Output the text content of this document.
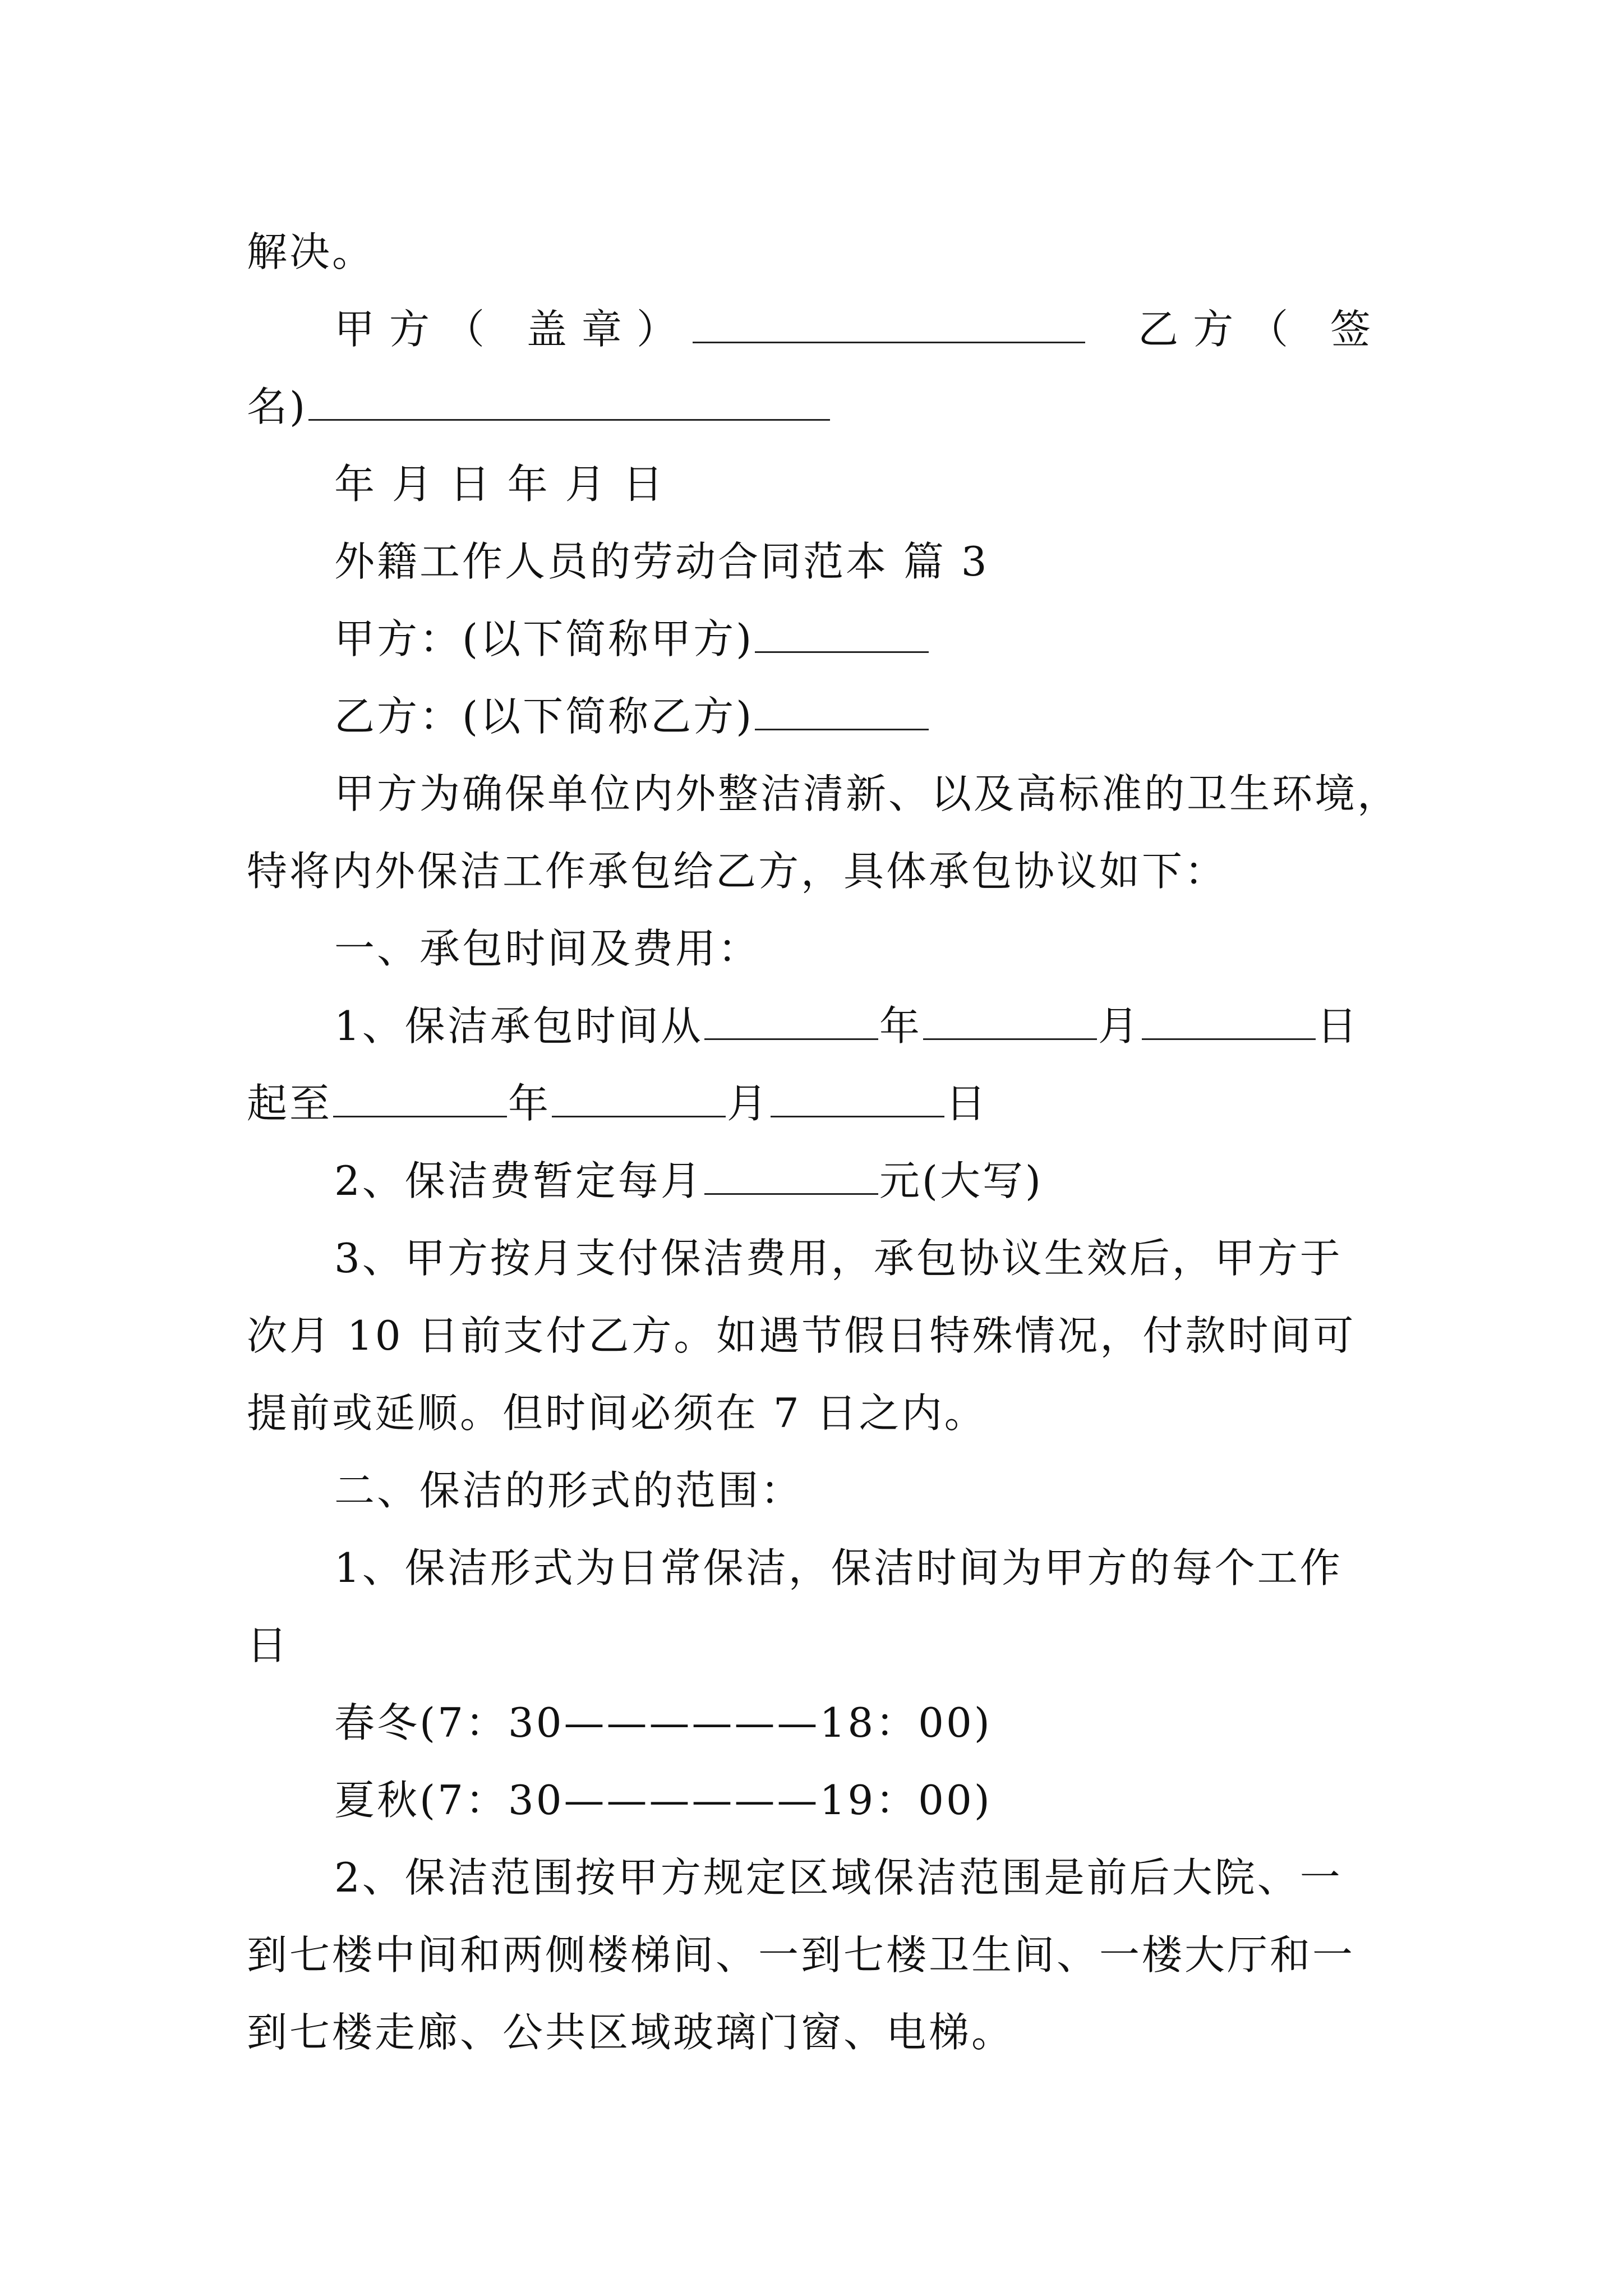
解决。
甲方（ 盖章）	乙方（ 签
名)
年 月 日 年 月 日
外籍工作人员的劳动合同范本 篇 3
甲方：(以下简称甲方)
乙方：(以下简称乙方)
甲方为确保单位内外整洁清新、以及高标准的卫生环境，
特将内外保洁工作承包给乙方，具体承包协议如下：
一、承包时间及费用：
1、保洁承包时间从	年	月	日
起至	年	月	日
2、保洁费暂定每月	元(大写)
3、甲方按月支付保洁费用，承包协议生效后，甲方于
次月 10 日前支付乙方。如遇节假日特殊情况，付款时间可
提前或延顺。但时间必须在 7 日之内。
二、保洁的形式的范围：
1、保洁形式为日常保洁，保洁时间为甲方的每个工作
日
春冬(7：30——————18：00)
夏秋(7：30——————19：00)
2、保洁范围按甲方规定区域保洁范围是前后大院、一
到七楼中间和两侧楼梯间、一到七楼卫生间、一楼大厅和一
到七楼走廊、公共区域玻璃门窗、电梯。
